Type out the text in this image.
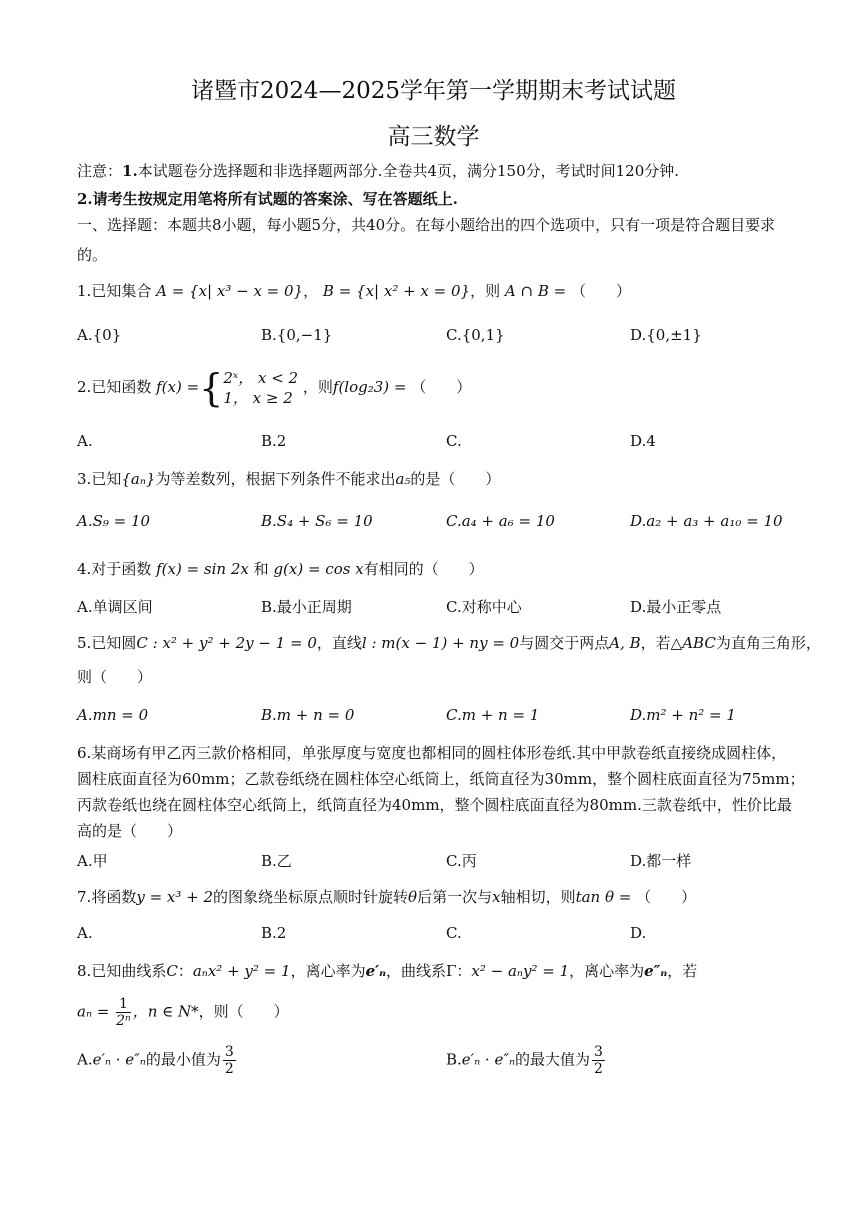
诸暨市2024—2025学年第一学期期末考试试题
高三数学
注意：1.本试题卷分选择题和非选择题两部分.全卷共4页，满分150分，考试时间120分钟.
2.请考生按规定用笔将所有试题的答案涂、写在答题纸上.
一、选择题：本题共8小题，每小题5分，共40分。在每小题给出的四个选项中，只有一项是符合题目要求的。
1.已知集合 A = {x| x³ − x = 0}， B = {x| x² + x = 0}，则 A ∩ B = （　　）
A.{0}	B.{0,−1}	C.{0,1}	D.{0,±1}
2.已知函数 f(x) ={2ˣ， x < 2
1， x ≥ 2 ，则f(log₂3) = （　　）
A.	B.2	C.	D.4
3.已知{aₙ}为等差数列，根据下列条件不能求出a₅的是（　　）
A.S₉ = 10	B.S₄ + S₆ = 10	C.a₄ + a₆ = 10	D.a₂ + a₃ + a₁₀ = 10
4.对于函数 f(x) = sin 2x 和 g(x) = cos x有相同的（　　）
A.单调区间	B.最小正周期	C.对称中心	D.最小正零点
5.已知圆C : x² + y² + 2y − 1 = 0，直线l : m(x − 1) + ny = 0与圆交于两点A, B，若△ABC为直角三角形，
则（　　）
A.mn = 0	B.m + n = 0	C.m + n = 1	D.m² + n² = 1
6.某商场有甲乙丙三款价格相同，单张厚度与宽度也都相同的圆柱体形卷纸.其中甲款卷纸直接绕成圆柱体，
圆柱底面直径为60mm；乙款卷纸绕在圆柱体空心纸筒上，纸筒直径为30mm，整个圆柱底面直径为75mm；
丙款卷纸也绕在圆柱体空心纸筒上，纸筒直径为40mm，整个圆柱底面直径为80mm.三款卷纸中，性价比最
高的是（　　）
A.甲	B.乙	C.丙	D.都一样
7.将函数y = x³ + 2的图象绕坐标原点顺时针旋转θ后第一次与x轴相切，则tan θ = （　　）
A.	B.2	C.	D.
8.已知曲线系C：aₙx² + y² = 1，离心率为e′ₙ，曲线系Γ：x² − aₙy² = 1，离心率为e″ₙ，若
$a_n = \frac{1}{\text{2ⁿ}}$ ，n ∈ N*，则（　　）
A.e′ₙ · e″ₙ的最小值为 $\frac{3}{2}$	B.e′ₙ · e″ₙ的最大值为 $\frac{3}{2}$
